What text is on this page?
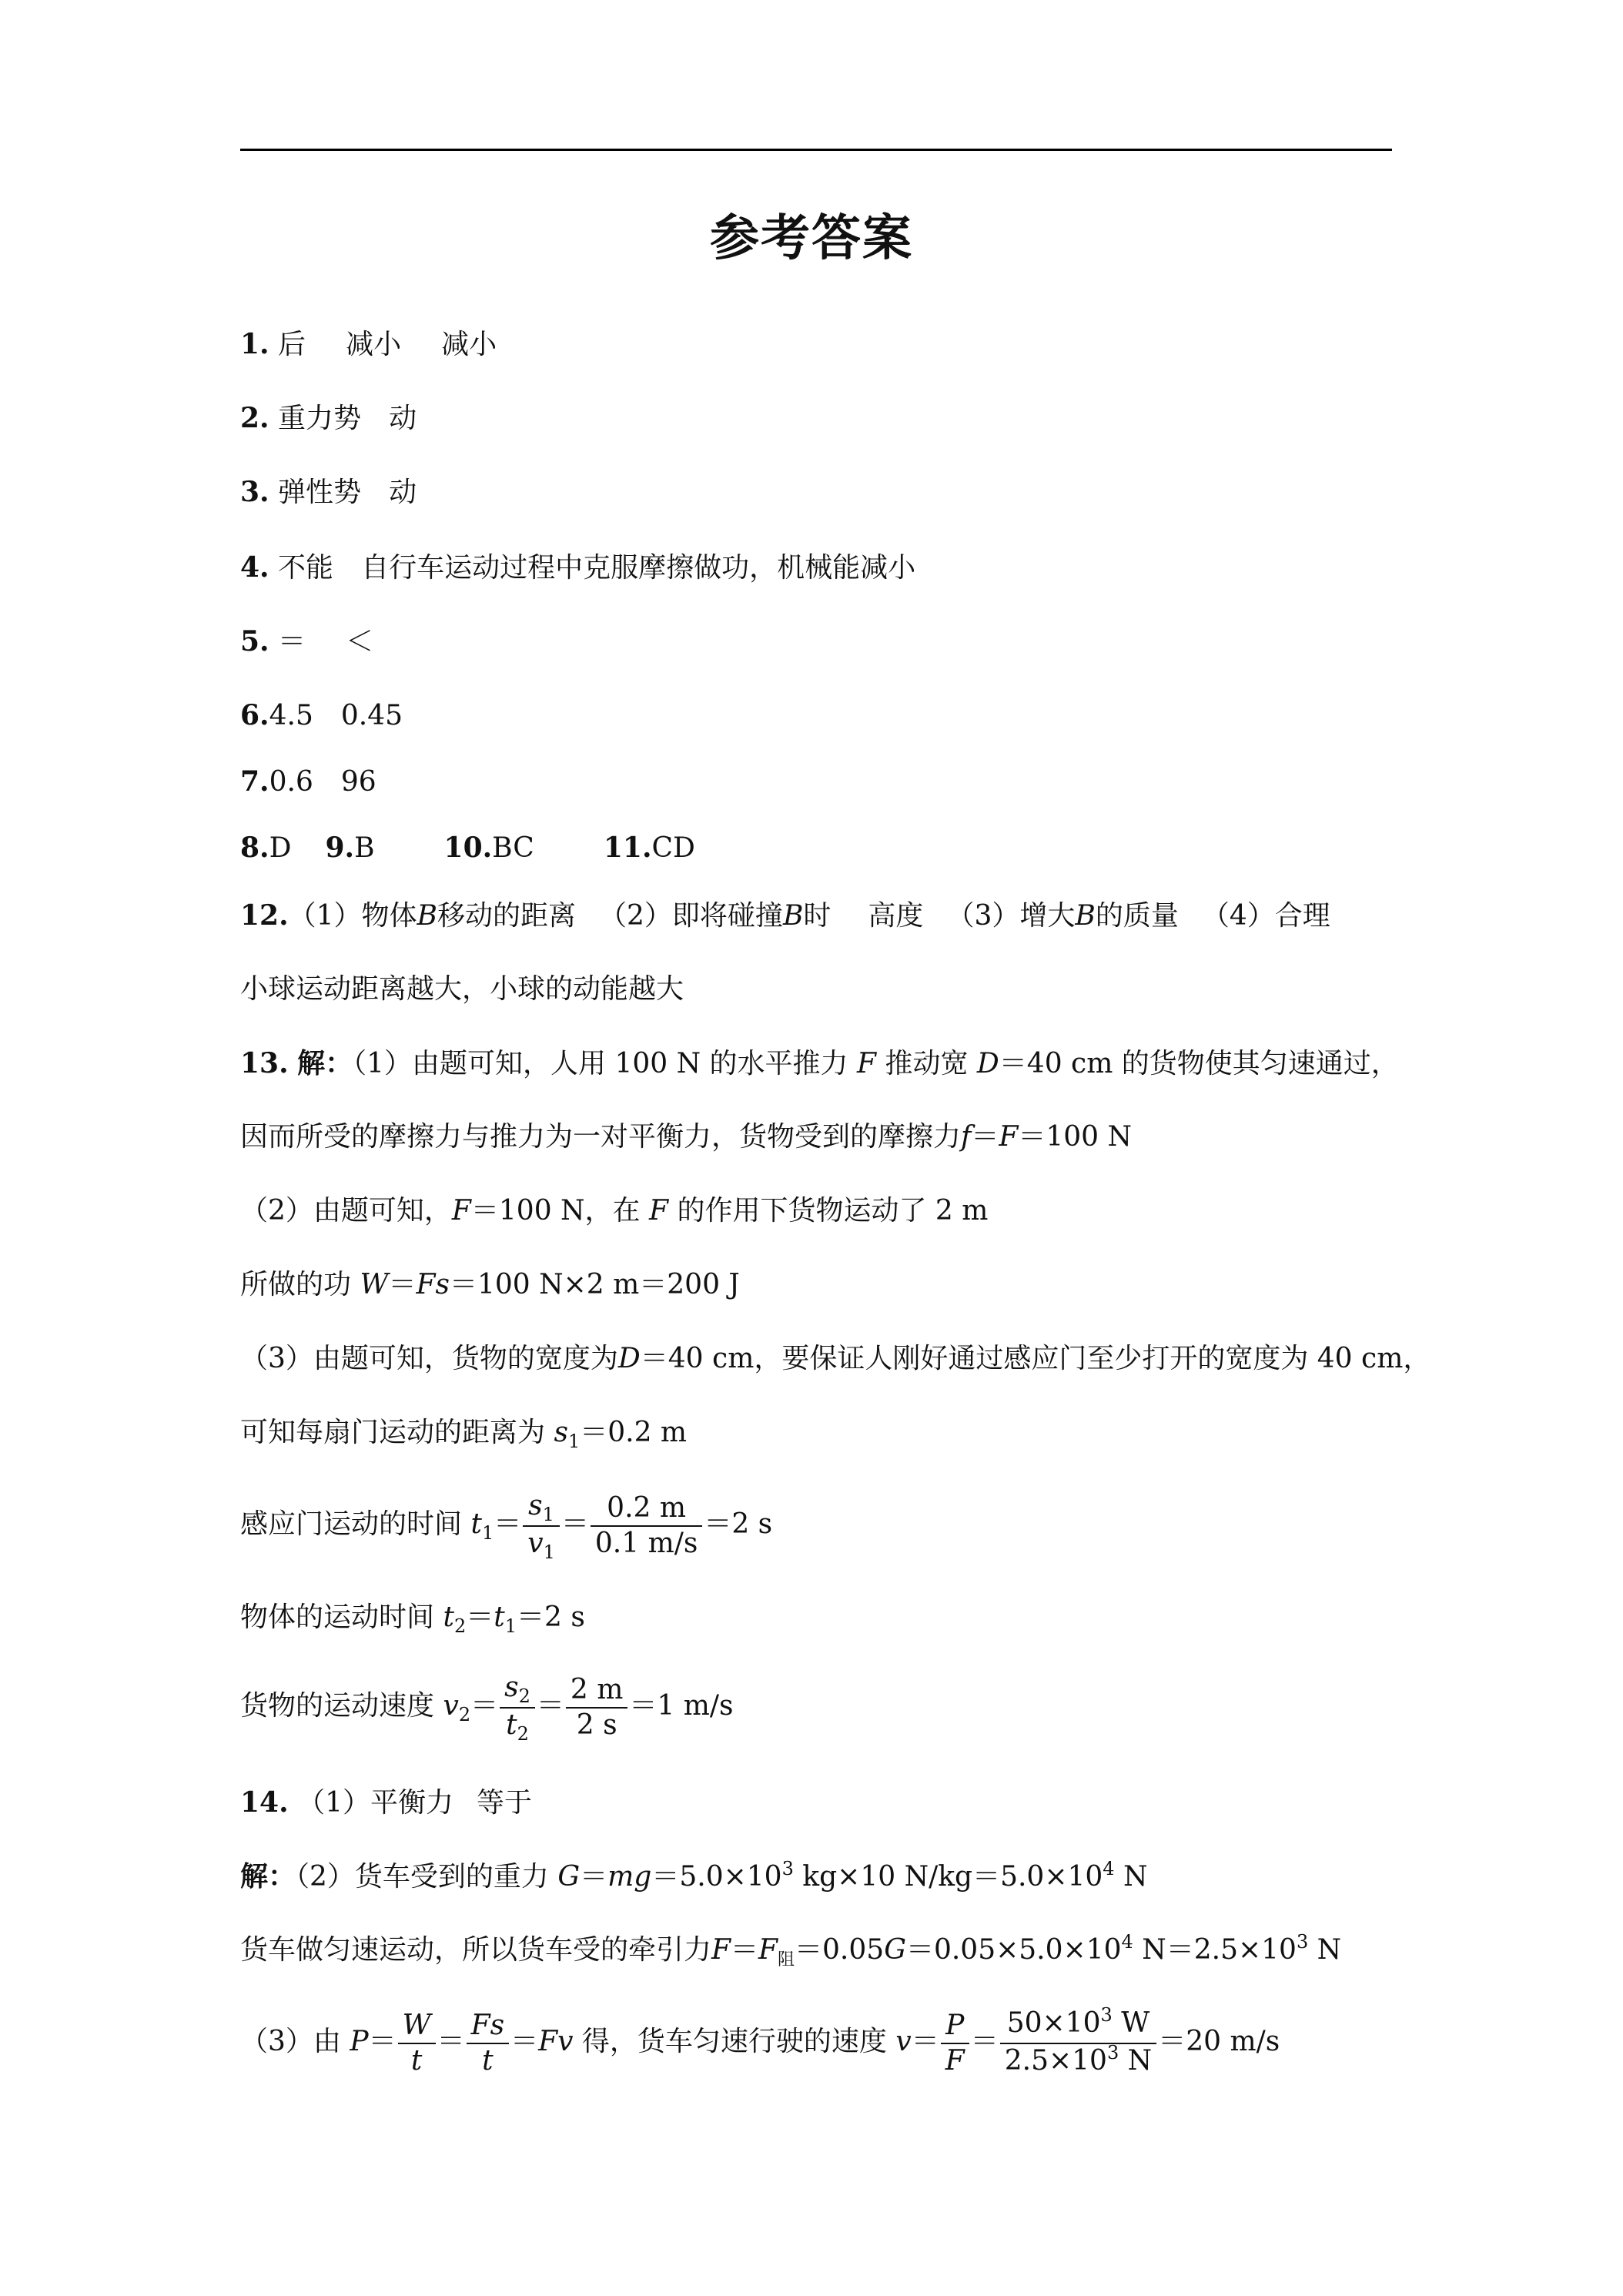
参考答案
1. 后 减小 减小
2. 重力势 动
3. 弹性势 动
4. 不能 自行车运动过程中克服摩擦做功，机械能减小
5. ＝ ＜
6.4.5 0.45
7.0.6 96
8.D 9.B	10.BC	11.CD
12.（1）物体B移动的距离 （2）即将碰撞B时 高度 （3）增大B的质量 （4）合理
小球运动距离越大，小球的动能越大
13. 解：（1）由题可知，人用 100 N 的水平推力 F 推动宽 D＝40 cm 的货物使其匀速通过，
因而所受的摩擦力与推力为一对平衡力，货物受到的摩擦力f＝F＝100 N
（2）由题可知，F＝100 N，在 F 的作用下货物运动了 2 m
所做的功 W＝Fs＝100 N×2 m＝200 J
（3）由题可知，货物的宽度为D＝40 cm，要保证人刚好通过感应门至少打开的宽度为 40 cm，
可知每扇门运动的距离为 $s_1=0.2$ m
感应门运动的时间 $t_1= \frac{s_1}{v_1} = \frac{0.2 m}{0.1 m/s} =2$ s
物体的运动时间 $t_2=t_1=2$ s
货物的运动速度 $v_2= \frac{s_2}{t_2} = \frac{2 m}{2 s} =1$ m/s
14. （1）平衡力 等于
解：（2）货车受到的重力 $G=mg=5.0\times 10^3$ kg×10 $N/kg=5.0\times 10^4$ N
货车做匀速运动，所以货车受的牵引力$F=F_阻=0.05G=0.05\times 5.0\times 10^4$ $N=2.5\times 10^3$ N
（3）由 $P= \frac{W}{t} = \frac{Fs}{t} =Fv$ 得，货车匀速行驶的速度 $v= \frac{P}{F} = \frac{50\times 10^3 W}{2.5\times 10^3 N} =20$ m/s
